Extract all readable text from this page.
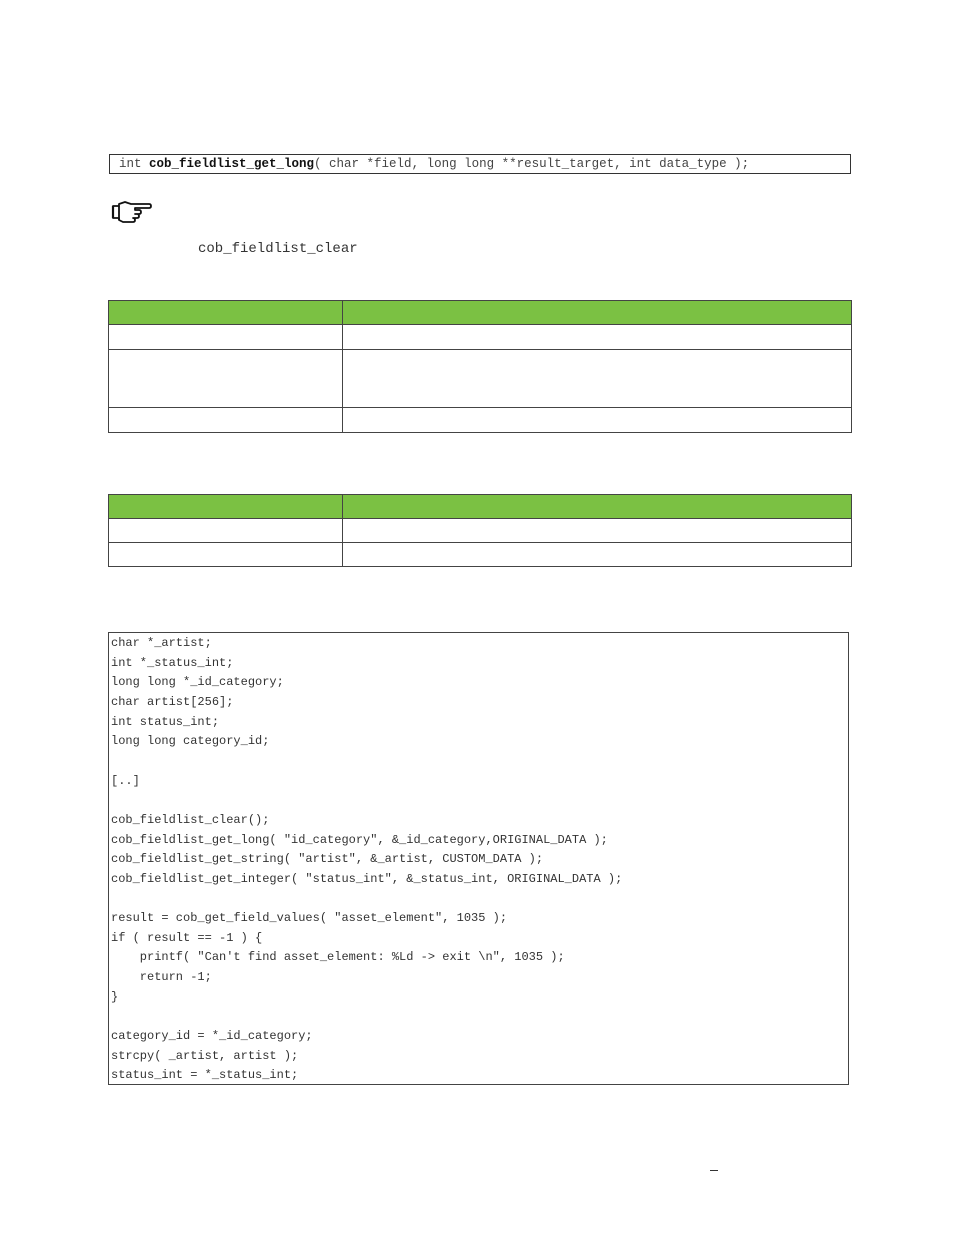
int cob_fieldlist_get_long( char *field, long long **result_target, int data_type );
cob_fieldlist_clear

char *_artist;
int *_status_int;
long long *_id_category;
char artist[256];
int status_int;
long long category_id;
[..]
cob_fieldlist_clear();
cob_fieldlist_get_long( "id_category", &_id_category,ORIGINAL_DATA );
cob_fieldlist_get_string( "artist", &_artist, CUSTOM_DATA );
cob_fieldlist_get_integer( "status_int", &_status_int, ORIGINAL_DATA );
result = cob_get_field_values( "asset_element", 1035 );
if ( result == -1 ) {
printf( "Can't find asset_element: %Ld -> exit \n", 1035 );
return -1;
}
category_id = *_id_category;
strcpy( _artist, artist );
status_int = *_status_int;
